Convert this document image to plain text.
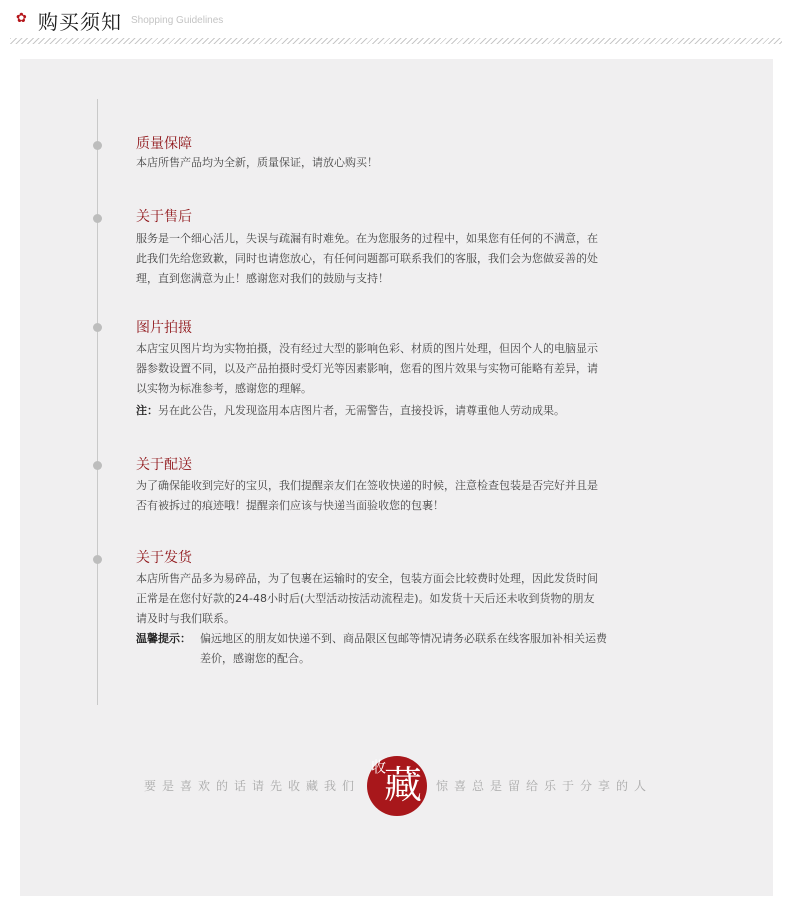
✿ 购买须知 Shopping Guidelines
质量保障
本店所售产品均为全新，质量保证，请放心购买！
关于售后
服务是一个细心活儿，失误与疏漏有时难免。在为您服务的过程中，如果您有任何的不满意，在
此我们先给您致歉，同时也请您放心，有任何问题都可联系我们的客服，我们会为您做妥善的处
理，直到您满意为止！感谢您对我们的鼓励与支持！
图片拍摄
本店宝贝图片均为实物拍摄，没有经过大型的影响色彩、材质的图片处理，但因个人的电脑显示
器参数设置不同，以及产品拍摄时受灯光等因素影响，您看的图片效果与实物可能略有差异，请
以实物为标准参考，感谢您的理解。
注：另在此公告，凡发现盗用本店图片者，无需警告，直接投诉，请尊重他人劳动成果。
关于配送
为了确保能收到完好的宝贝，我们提醒亲友们在签收快递的时候，注意检查包装是否完好并且是
否有被拆过的痕迹哦！提醒亲们应该与快递当面验收您的包裹！
关于发货
本店所售产品多为易碎品，为了包裹在运输时的安全，包装方面会比较费时处理，因此发货时间
正常是在您付好款的24-48小时后(大型活动按活动流程走)。如发货十天后还未收到货物的朋友
请及时与我们联系。
温馨提示： 偏远地区的朋友如快递不到、商品限区包邮等情况请务必联系在线客服加补相关运费
差价，感谢您的配合。
要是喜欢的话请先收藏我们
收
藏 惊喜总是留给乐于分享的人
